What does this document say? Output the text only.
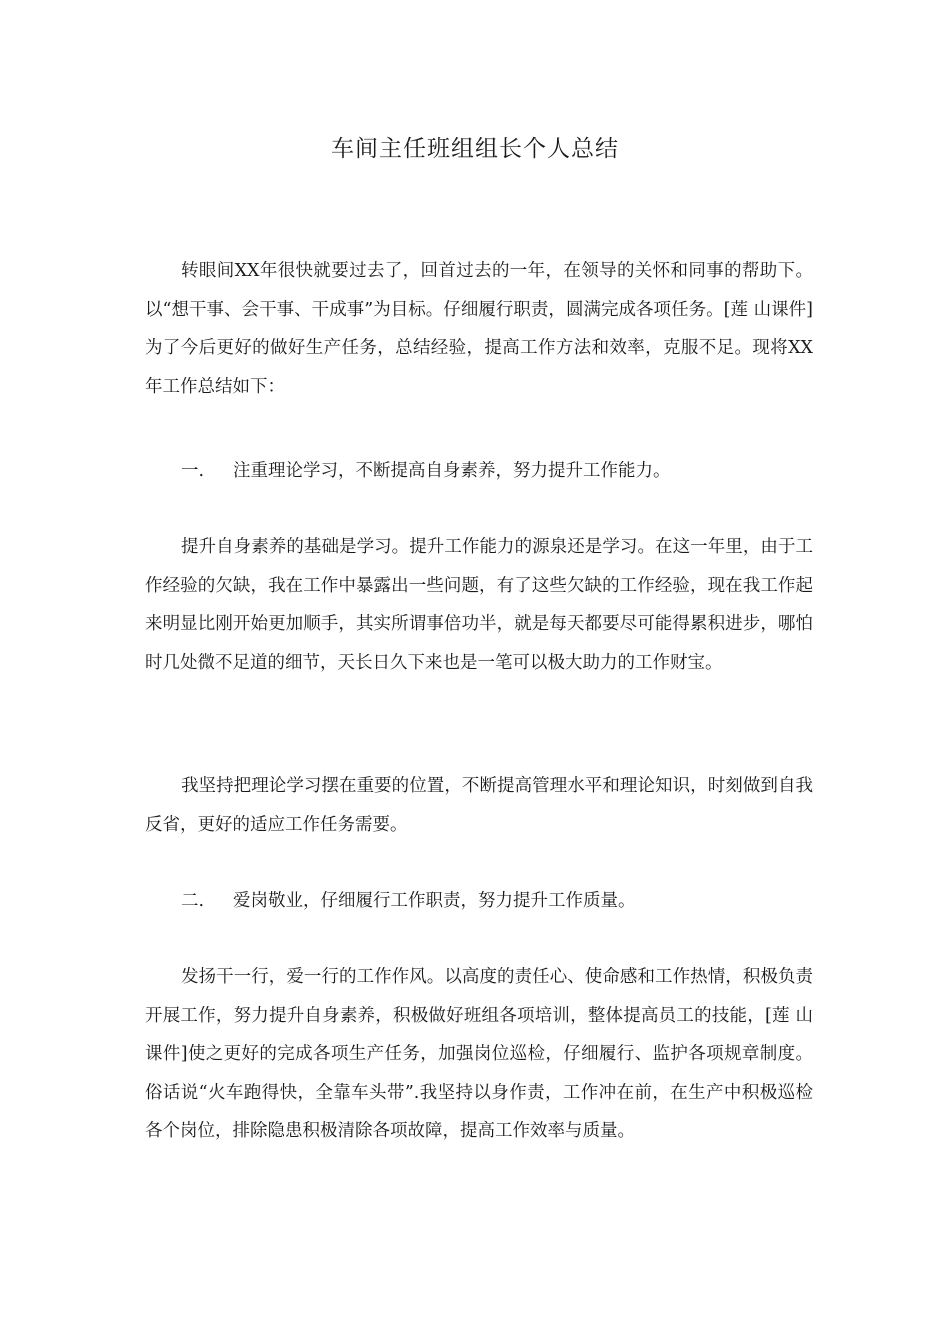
车间主任班组组长个人总结

转眼间XX年很快就要过去了，回首过去的一年，在领导的关怀和同事的帮助下。以“想干事、会干事、干成事”为目标。仔细履行职责，圆满完成各项任务。[莲 山课件]为了今后更好的做好生产任务，总结经验，提高工作方法和效率，克服不足。现将XX年工作总结如下：

一. 注重理论学习，不断提高自身素养，努力提升工作能力。

提升自身素养的基础是学习。提升工作能力的源泉还是学习。在这一年里，由于工作经验的欠缺，我在工作中暴露出一些问题，有了这些欠缺的工作经验，现在我工作起来明显比刚开始更加顺手，其实所谓事倍功半，就是每天都要尽可能得累积进步，哪怕时几处微不足道的细节，天长日久下来也是一笔可以极大助力的工作财宝。

我坚持把理论学习摆在重要的位置，不断提高管理水平和理论知识，时刻做到自我反省，更好的适应工作任务需要。

二. 爱岗敬业，仔细履行工作职责，努力提升工作质量。

发扬干一行，爱一行的工作作风。以高度的责任心、使命感和工作热情，积极负责开展工作，努力提升自身素养，积极做好班组各项培训，整体提高员工的技能，[莲 山课件]使之更好的完成各项生产任务，加强岗位巡检，仔细履行、监护各项规章制度。俗话说“火车跑得快，全靠车头带”.我坚持以身作责，工作冲在前，在生产中积极巡检各个岗位，排除隐患积极清除各项故障，提高工作效率与质量。
